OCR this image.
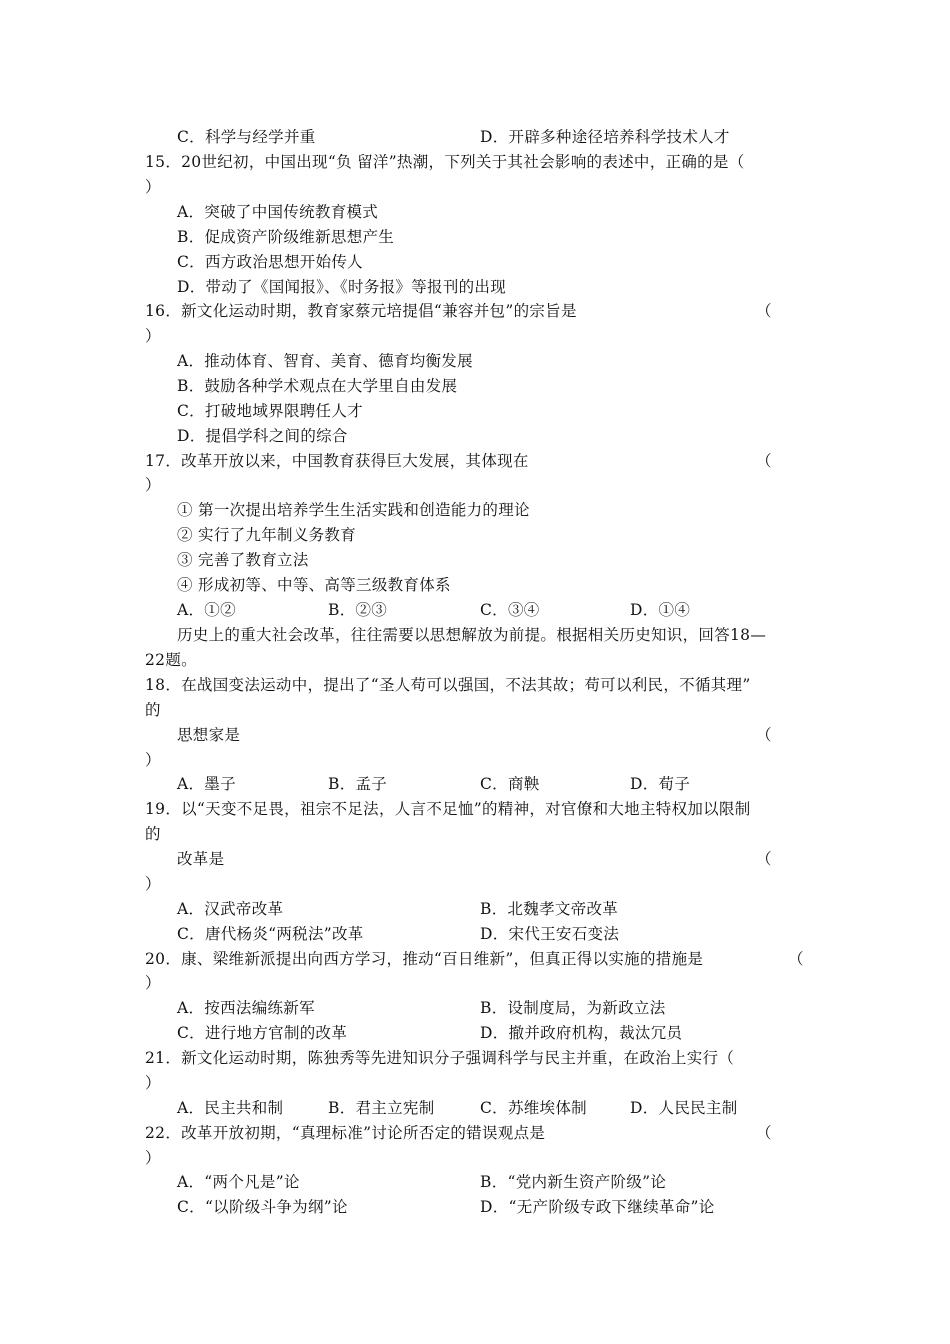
C．科学与经学并重	D．开辟多种途径培养科学技术人才
15．20世纪初，中国出现“负 留洋”热潮，下列关于其社会影响的表述中，正确的是（
）
A．突破了中国传统教育模式
B．促成资产阶级维新思想产生
C．西方政治思想开始传人
D．带动了《国闻报》、《时务报》等报刊的出现
16．新文化运动时期，教育家蔡元培提倡“兼容并包”的宗旨是	（
）
A．推动体育、智育、美育、德育均衡发展
B．鼓励各种学术观点在大学里自由发展
C．打破地域界限聘任人才
D．提倡学科之间的综合
17．改革开放以来，中国教育获得巨大发展，其体现在	（
）
① 第一次提出培养学生生活实践和创造能力的理论
② 实行了九年制义务教育
③ 完善了教育立法
④ 形成初等、中等、高等三级教育体系
A．①②	B．②③	C．③④	D．①④
历史上的重大社会改革，往往需要以思想解放为前提。根据相关历史知识，回答18—
22题。
18．在战国变法运动中，提出了“圣人苟可以强国，不法其故；苟可以利民，不循其理”
的
思想家是	（
）
A．墨子	B．孟子	C．商鞅	D．荀子
19．以“天变不足畏，祖宗不足法，人言不足恤”的精神，对官僚和大地主特权加以限制
的
改革是	（
）
A．汉武帝改革	B．北魏孝文帝改革
C．唐代杨炎“两税法”改革	D．宋代王安石变法
20．康、梁维新派提出向西方学习，推动“百日维新”，但真正得以实施的措施是	（
）
A．按西法编练新军	B．设制度局，为新政立法
C．进行地方官制的改革	D．撤并政府机构，裁汰冗员
21．新文化运动时期，陈独秀等先进知识分子强调科学与民主并重，在政治上实行（
）
A．民主共和制	B．君主立宪制	C．苏维埃体制	D．人民民主制
22．改革开放初期，“真理标准”讨论所否定的错误观点是	（
）
A．“两个凡是”论	B．“党内新生资产阶级”论
C．“以阶级斗争为纲”论	D．“无产阶级专政下继续革命”论
